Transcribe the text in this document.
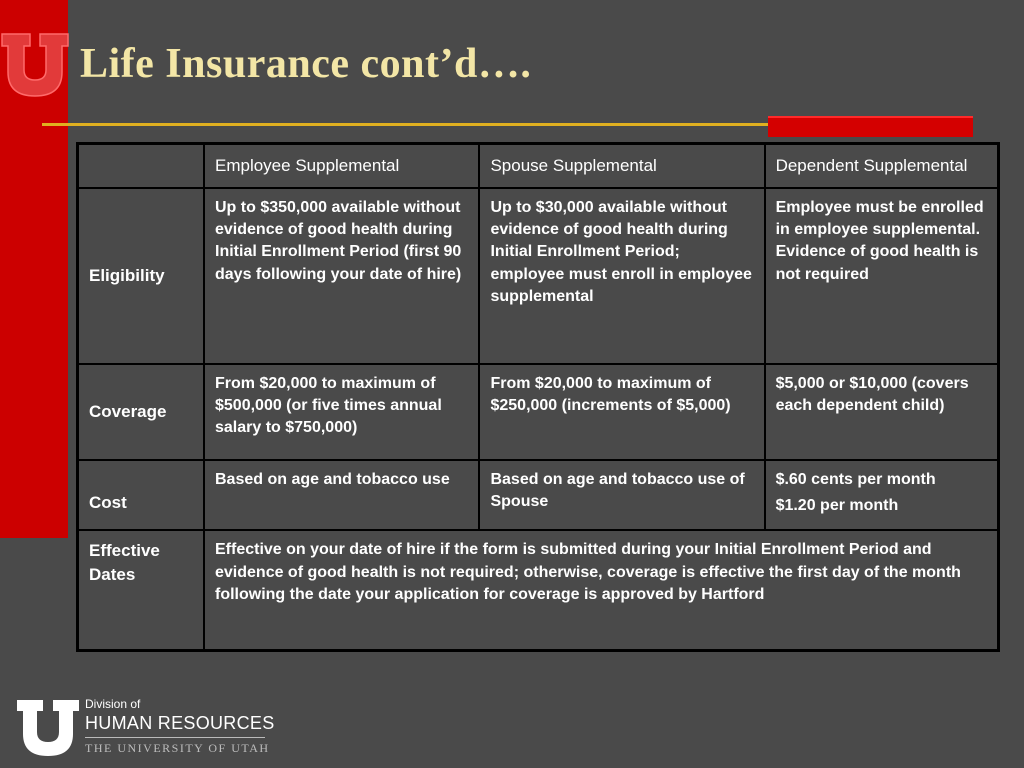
Life Insurance cont’d….
	Employee Supplemental	Spouse Supplemental	Dependent Supplemental
Eligibility	Up to $350,000 available without evidence of good health during Initial Enrollment Period (first 90 days following your date of hire)	Up to $30,000 available without evidence of good health during Initial Enrollment Period; employee must enroll in employee supplemental	Employee must be enrolled in employee supplemental. Evidence of good health is not required
Coverage	From $20,000 to maximum of $500,000 (or five times annual salary to $750,000)	From $20,000 to maximum of $250,000 (increments of $5,000)	$5,000 or $10,000 (covers each dependent child)
Cost	Based on age and tobacco use	Based on age and tobacco use of Spouse	$.60 cents per month
$1.20 per month

Effective Dates	Effective on your date of hire if the form is submitted during your Initial Enrollment Period and evidence of good health is not required; otherwise, coverage is effective the first day of the month following the date your application for coverage is approved by Hartford		
Division of
HUMAN RESOURCES
THE UNIVERSITY OF UTAH
